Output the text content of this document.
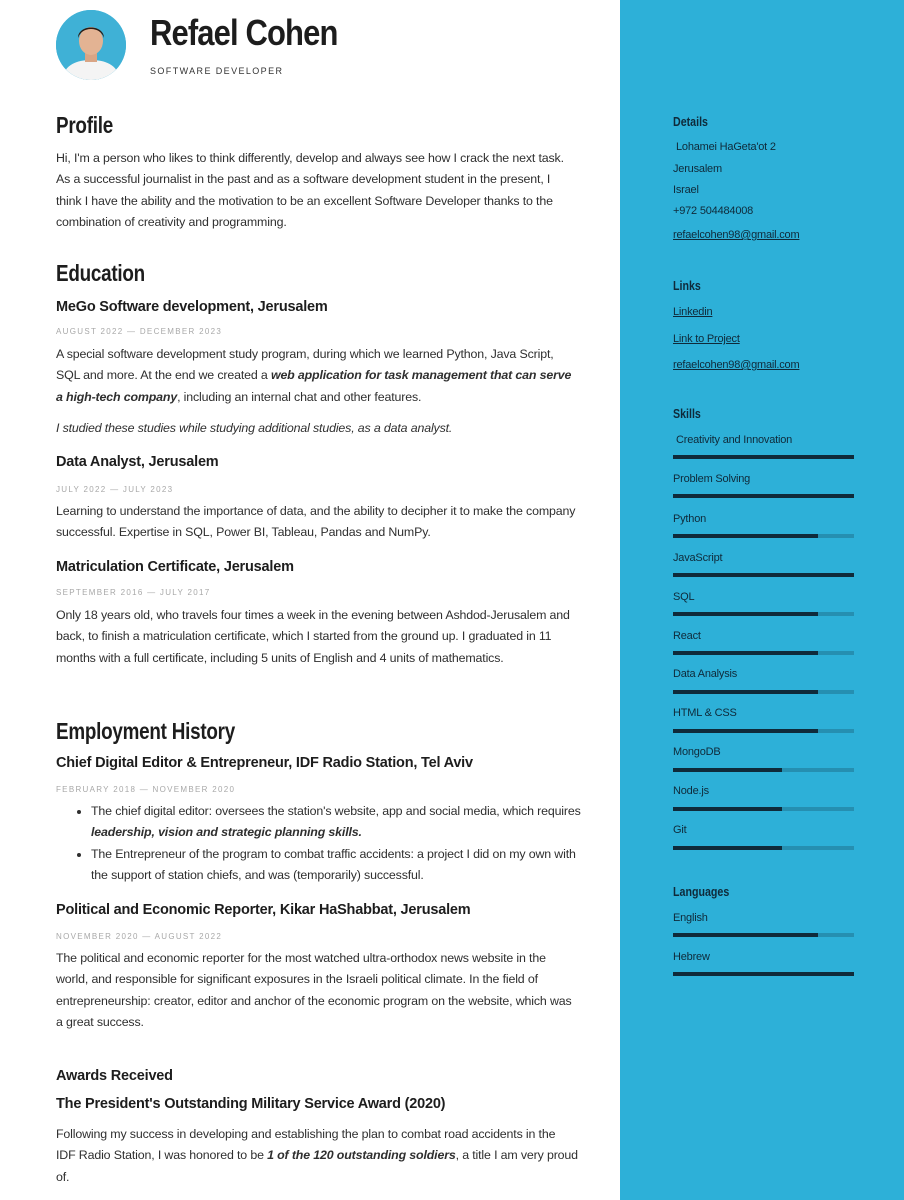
Refael Cohen
SOFTWARE DEVELOPER
Profile
Hi, I'm a person who likes to think differently, develop and always see how I crack the next task. As a successful journalist in the past and as a software development student in the present, I think I have the ability and the motivation to be an excellent Software Developer thanks to the combination of creativity and programming.
Education
MeGo Software development, Jerusalem
AUGUST 2022 — DECEMBER 2023
A special software development study program, during which we learned Python, Java Script, SQL and more. At the end we created a web application for task management that can serve a high-tech company, including an internal chat and other features.
I studied these studies while studying additional studies, as a data analyst.
Data Analyst, Jerusalem
JULY 2022 — JULY 2023
Learning to understand the importance of data, and the ability to decipher it to make the company successful. Expertise in SQL, Power BI, Tableau, Pandas and NumPy.
Matriculation Certificate, Jerusalem
SEPTEMBER 2016 — JULY 2017
Only 18 years old, who travels four times a week in the evening between Ashdod-Jerusalem and back, to finish a matriculation certificate, which I started from the ground up. I graduated in 11 months with a full certificate, including 5 units of English and 4 units of mathematics.
Employment History
Chief Digital Editor & Entrepreneur, IDF Radio Station, Tel Aviv
FEBRUARY 2018 — NOVEMBER 2020
• The chief digital editor: oversees the station's website, app and social media, which requires leadership, vision and strategic planning skills.
• The Entrepreneur of the program to combat traffic accidents: a project I did on my own with the support of station chiefs, and was (temporarily) successful.
Political and Economic Reporter, Kikar HaShabbat, Jerusalem
NOVEMBER 2020 — AUGUST 2022
The political and economic reporter for the most watched ultra-orthodox news website in the world, and responsible for significant exposures in the Israeli political climate. In the field of entrepreneurship: creator, editor and anchor of the economic program on the website, which was a great success.
Awards Received
The President's Outstanding Military Service Award (2020)
Following my success in developing and establishing the plan to combat road accidents in the IDF Radio Station, I was honored to be 1 of the 120 outstanding soldiers, a title I am very proud of.
Details
Lohamei HaGeta'ot 2
Jerusalem
Israel
+972 504484008
refaelcohen98@gmail.com
Links
Linkedin
Link to Project
refaelcohen98@gmail.com
Skills
Creativity and Innovation
Problem Solving
Python
JavaScript
SQL
React
Data Analysis
HTML & CSS
MongoDB
Node.js
Git
Languages
English
Hebrew
